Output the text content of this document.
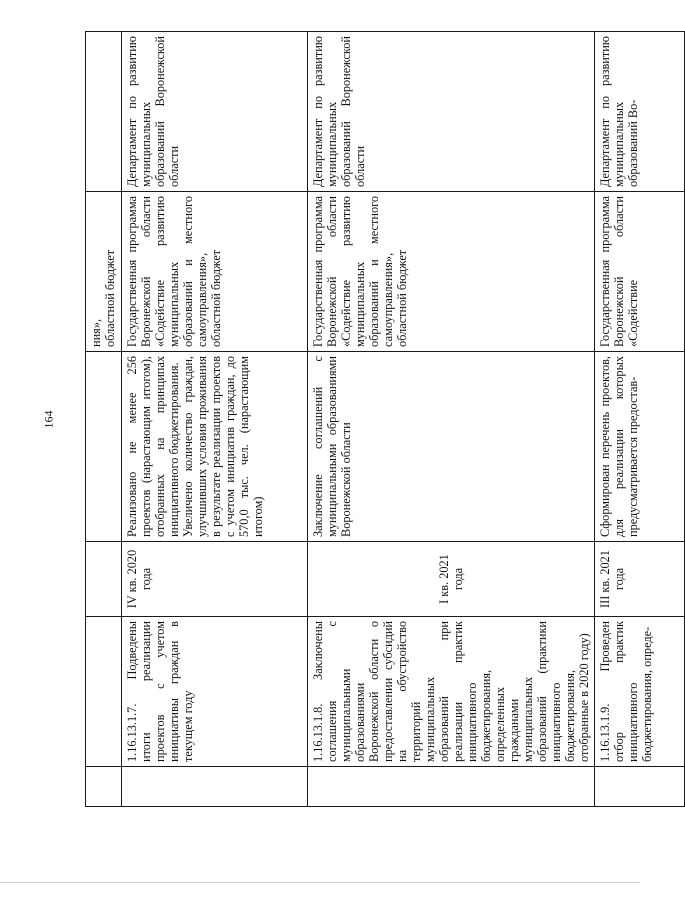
164
				ния»,
областной бюджет	
	1.16.13.1.7. Подведены итоги реализации проектов с учетом инициативы граждан в текущем году	IV кв. 2020 года	Реализовано не менее 256 проектов (нарастающим итогом), отобранных на принципах инициативного бюджетирования.
Увеличено количество граждан, улучшивших условия проживания в результате реализации проектов с учетом инициатив граждан, до 570,0 тыс. чел. (нарастающим итогом)	Государственная программа Воронежской области «Содействие развитию муниципальных образований и местного самоуправления»,
областной бюджет	Департамент по развитию муниципальных образований Воронежской области
	1.16.13.1.8. Заключены соглашения с муниципальными образованиями Воронежской области о предоставлении субсидий на обустройство территорий муниципальных образований при реализации практик инициативного бюджетирования, определенных гражданами муниципальных образований (практики инициативного бюджетирования, отобранные в 2020 году)	I кв. 2021 года	Заключение соглашений с муниципальными образованиями Воронежской области	Государственная программа Воронежской области «Содействие развитию муниципальных образований и местного самоуправления»,
областной бюджет	Департамент по развитию муниципальных образований Воронежской области
	1.16.13.1.9. Проведен отбор практик инициативного бюджетирования, опреде-	III кв. 2021 года	Сформирован перечень проектов, для реализации которых предусматривается предостав-	Государственная программа Воронежской области «Содействие	Департамент по развитию муниципальных образований Во-
